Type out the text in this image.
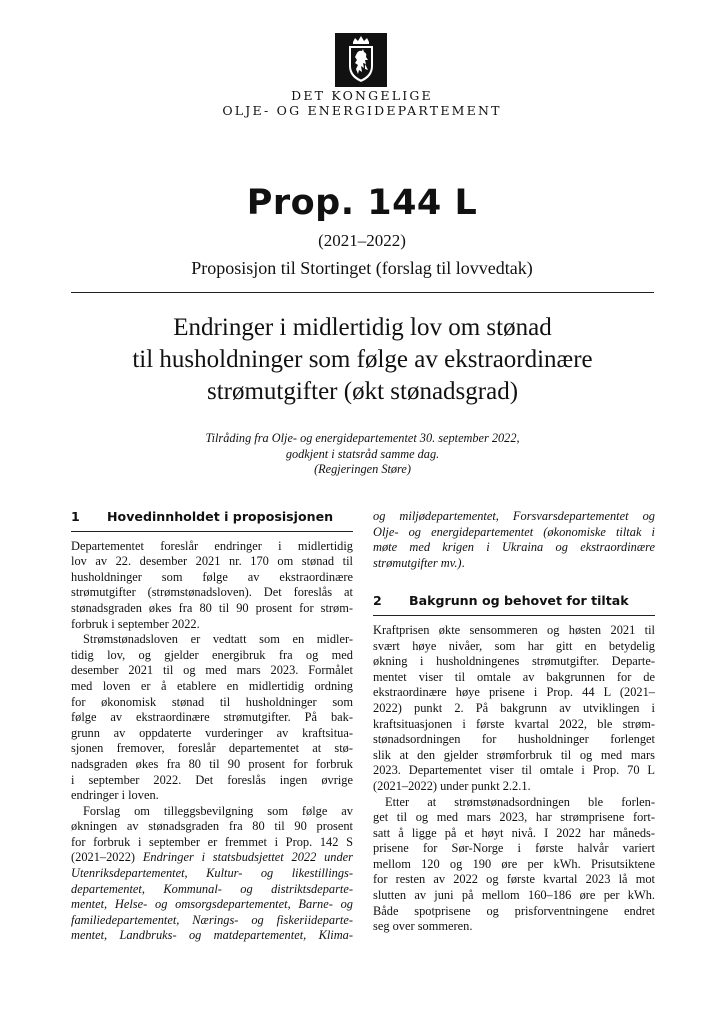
DET KONGELIGE
OLJE- OG ENERGIDEPARTEMENT
Prop. 144 L
(2021–2022)
Proposisjon til Stortinget (forslag til lovvedtak)
Endringer i midlertidig lov om stønad
til husholdninger som følge av ekstraordinære
strømutgifter (økt stønadsgrad)
Tilråding fra Olje- og energidepartementet 30. september 2022,
godkjent i statsråd samme dag.
(Regjeringen Støre)
1	Hovedinnholdet i proposisjonen
Departementet foreslår endringer i midlertidig
lov av 22. desember 2021 nr. 170 om stønad til
husholdninger som følge av ekstraordinære
strømutgifter (strømstønadsloven). Det foreslås at
stønadsgraden økes fra 80 til 90 prosent for strøm-
forbruk i september 2022.
Strømstønadsloven er vedtatt som en midler-
tidig lov, og gjelder energibruk fra og med
desember 2021 til og med mars 2023. Formålet
med loven er å etablere en midlertidig ordning
for økonomisk stønad til husholdninger som
følge av ekstraordinære strømutgifter. På bak-
grunn av oppdaterte vurderinger av kraftsitua-
sjonen fremover, foreslår departementet at stø-
nadsgraden økes fra 80 til 90 prosent for forbruk
i september 2022. Det foreslås ingen øvrige
endringer i loven.
Forslag om tilleggsbevilgning som følge av
økningen av stønadsgraden fra 80 til 90 prosent
for forbruk i september er fremmet i Prop. 142 S
(2021–2022) Endringer i statsbudsjettet 2022 under
Utenriksdepartementet, Kultur- og likestillings-
departementet, Kommunal- og distriktsdeparte-
mentet, Helse- og omsorgsdepartementet, Barne- og
familiedepartementet, Nærings- og fiskeriideparte-
mentet, Landbruks- og matdepartementet, Klima-
og miljødepartementet, Forsvarsdepartementet og
Olje- og energidepartementet (økonomiske tiltak i
møte med krigen i Ukraina og ekstraordinære
strømutgifter mv.).
2	Bakgrunn og behovet for tiltak
Kraftprisen økte sensommeren og høsten 2021 til
svært høye nivåer, som har gitt en betydelig
økning i husholdningenes strømutgifter. Departe-
mentet viser til omtale av bakgrunnen for de
ekstraordinære høye prisene i Prop. 44 L (2021–
2022) punkt 2. På bakgrunn av utviklingen i
kraftsituasjonen i første kvartal 2022, ble strøm-
stønadsordningen for husholdninger forlenget
slik at den gjelder strømforbruk til og med mars
2023. Departementet viser til omtale i Prop. 70 L
(2021–2022) under punkt 2.2.1.
Etter at strømstønadsordningen ble forlen-
get til og med mars 2023, har strømprisene fort-
satt å ligge på et høyt nivå. I 2022 har måneds-
prisene for Sør-Norge i første halvår variert
mellom 120 og 190 øre per kWh. Prisutsiktene
for resten av 2022 og første kvartal 2023 lå mot
slutten av juni på mellom 160–186 øre per kWh.
Både spotprisene og prisforventningene endret
seg over sommeren.
